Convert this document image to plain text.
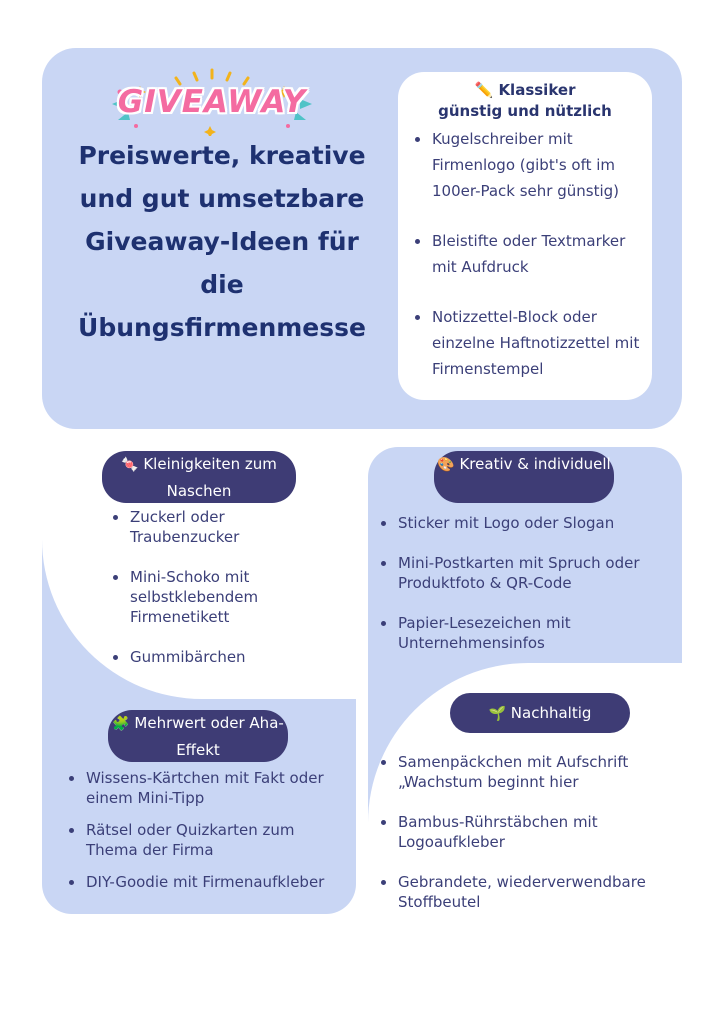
GIVEAWAY
Preiswerte, kreative und gut umsetzbare Giveaway-Ideen für die Übungsfirmenmesse
✏️ Klassiker
günstig und nützlich
Kugelschreiber mit Firmenlogo (gibt's oft im 100er-Pack sehr günstig)
Bleistifte oder Textmarker mit Aufdruck
Notizzettel-Block oder einzelne Haftnotizzettel mit Firmenstempel
🍬 Kleinigkeiten zum Naschen
Zuckerl oder Traubenzucker
Mini-Schoko mit selbstklebendem Firmenetikett
Gummibärchen
🧩 Mehrwert oder Aha-Effekt
Wissens-Kärtchen mit Fakt oder einem Mini-Tipp
Rätsel oder Quizkarten zum Thema der Firma
DIY-Goodie mit Firmenaufkleber
🎨 Kreativ & individuell
Sticker mit Logo oder Slogan
Mini-Postkarten mit Spruch oder Produktfoto & QR-Code
Papier-Lesezeichen mit Unternehmensinfos
🌱 Nachhaltig
Samenpäckchen mit Aufschrift „Wachstum beginnt hier
Bambus-Rührstäbchen mit Logoaufkleber
Gebrandete, wiederverwendbare Stoffbeutel
